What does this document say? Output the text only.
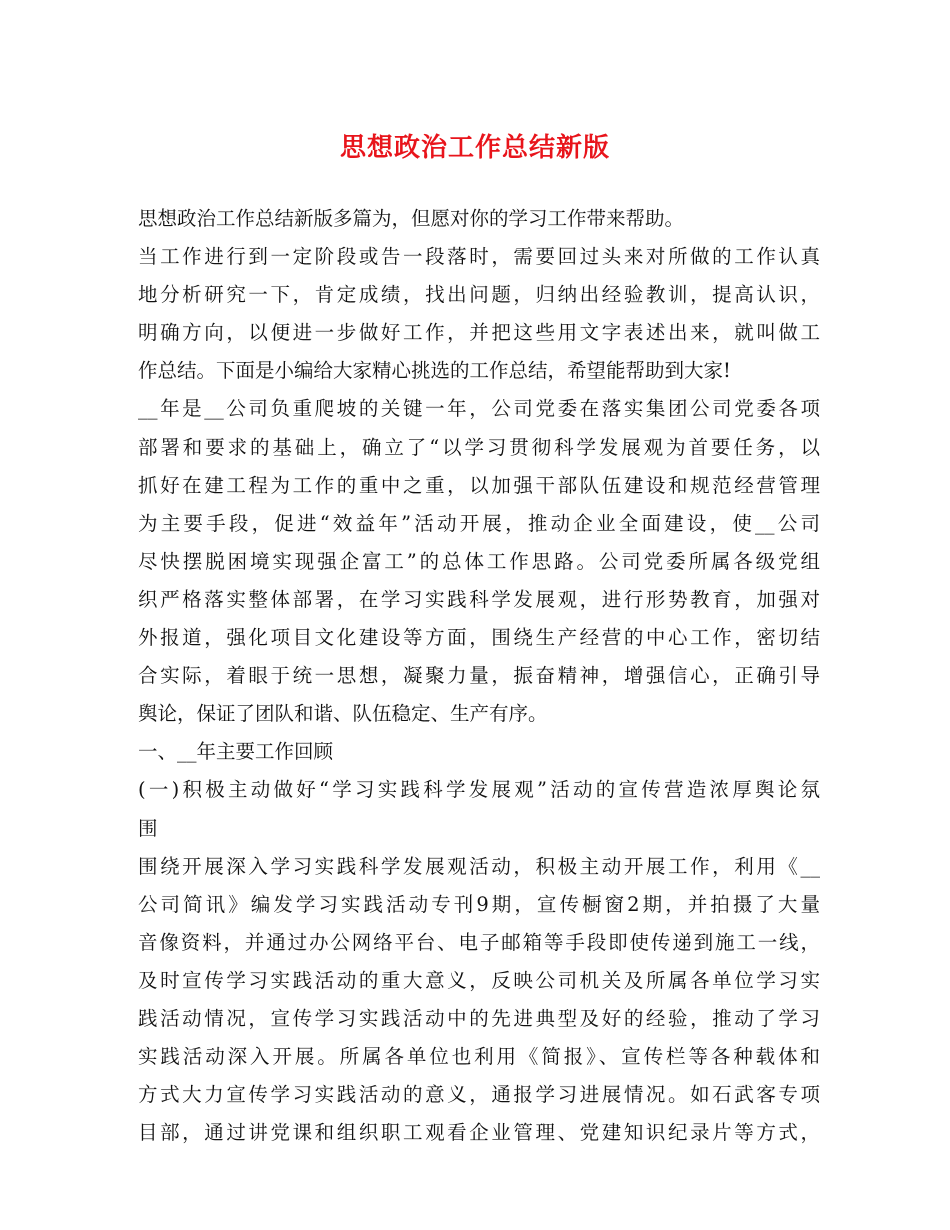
思想政治工作总结新版
思想政治工作总结新版多篇为，但愿对你的学习工作带来帮助。
当工作进行到一定阶段或告一段落时，需要回过头来对所做的工作认真
地分析研究一下，肯定成绩，找出问题，归纳出经验教训，提高认识，
明确方向，以便进一步做好工作，并把这些用文字表述出来，就叫做工
作总结。下面是小编给大家精心挑选的工作总结，希望能帮助到大家!
__年是__公司负重爬坡的关键一年，公司党委在落实集团公司党委各项
部署和要求的基础上，确立了“以学习贯彻科学发展观为首要任务，以
抓好在建工程为工作的重中之重，以加强干部队伍建设和规范经营管理
为主要手段，促进“效益年”活动开展，推动企业全面建设，使__公司
尽快摆脱困境实现强企富工”的总体工作思路。公司党委所属各级党组
织严格落实整体部署，在学习实践科学发展观，进行形势教育，加强对
外报道，强化项目文化建设等方面，围绕生产经营的中心工作，密切结
合实际，着眼于统一思想，凝聚力量，振奋精神，增强信心，正确引导
舆论，保证了团队和谐、队伍稳定、生产有序。
一、__年主要工作回顾
(一)积极主动做好“学习实践科学发展观”活动的宣传营造浓厚舆论氛
围
围绕开展深入学习实践科学发展观活动，积极主动开展工作，利用《__
公司简讯》编发学习实践活动专刊9期，宣传橱窗2期，并拍摄了大量
音像资料，并通过办公网络平台、电子邮箱等手段即使传递到施工一线，
及时宣传学习实践活动的重大意义，反映公司机关及所属各单位学习实
践活动情况，宣传学习实践活动中的先进典型及好的经验，推动了学习
实践活动深入开展。所属各单位也利用《简报》、宣传栏等各种载体和
方式大力宣传学习实践活动的意义，通报学习进展情况。如石武客专项
目部，通过讲党课和组织职工观看企业管理、党建知识纪录片等方式，
